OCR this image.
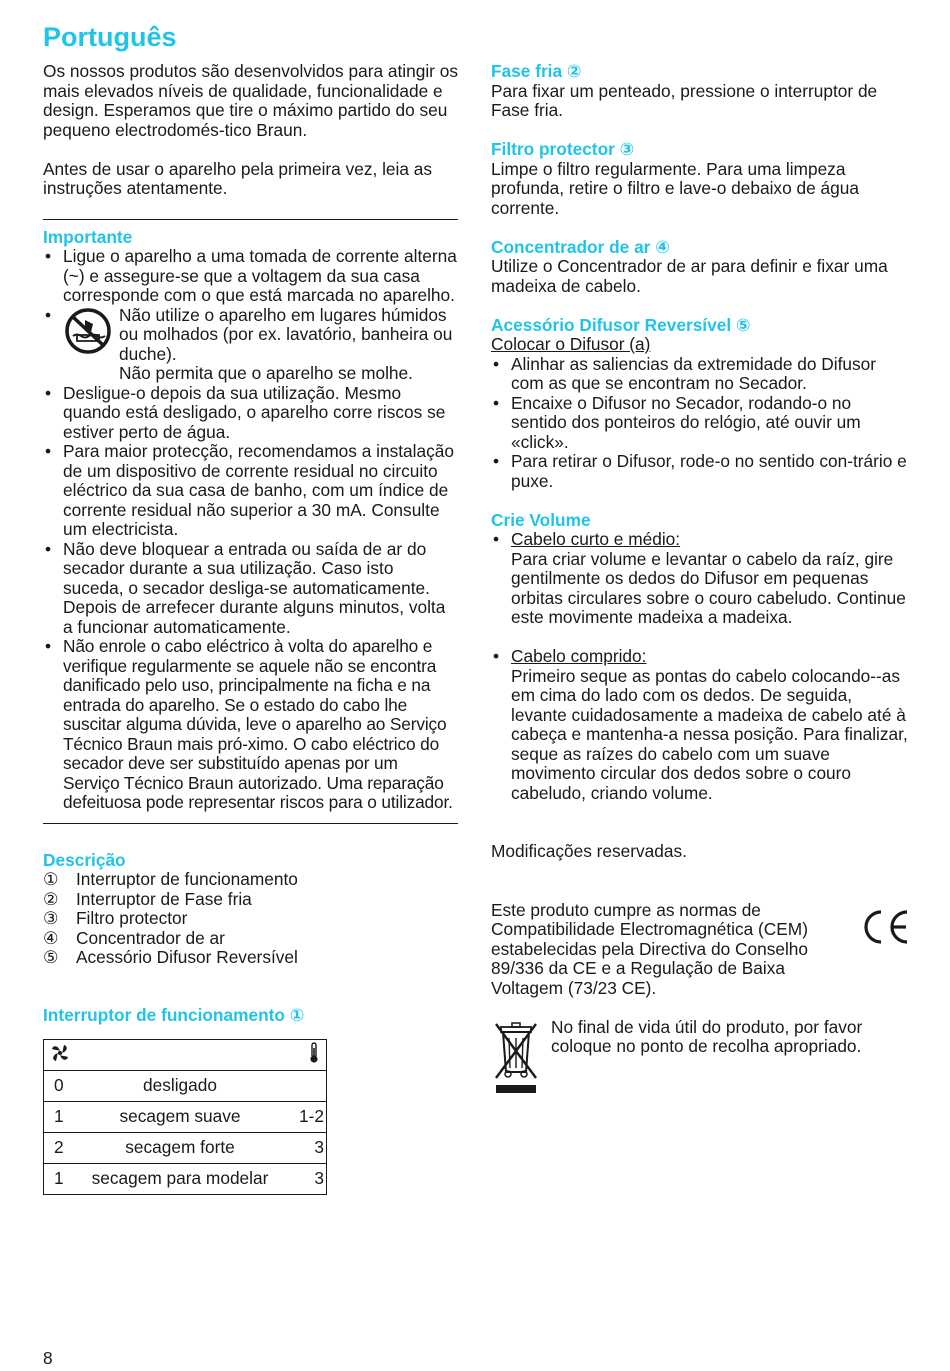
Português

Os nossos produtos são desenvolvidos para atingir os mais elevados níveis de qualidade, funcionalidade e design. Esperamos que tire o máximo partido do seu pequeno electrodomés-tico Braun.

Antes de usar o aparelho pela primeira vez, leia as instruções atentamente.

Importante
• Ligue o aparelho a uma tomada de corrente alterna (~) e assegure-se que a voltagem da sua casa corresponde com o que está marcada no aparelho.
• Não utilize o aparelho em lugares húmidos ou molhados (por ex. lavatório, banheira ou duche).
Não permita que o aparelho se molhe.
• Desligue-o depois da sua utilização. Mesmo quando está desligado, o aparelho corre riscos se estiver perto de água.
• Para maior protecção, recomendamos a instalação de um dispositivo de corrente residual no circuito eléctrico da sua casa de banho, com um índice de corrente residual não superior a 30 mA. Consulte um electricista.
• Não deve bloquear a entrada ou saída de ar do secador durante a sua utilização. Caso isto suceda, o secador desliga-se automaticamente. Depois de arrefecer durante alguns minutos, volta a funcionar automaticamente.
• Não enrole o cabo eléctrico à volta do aparelho e verifique regularmente se aquele não se encontra danificado pelo uso, principalmente na ficha e na entrada do aparelho. Se o estado do cabo lhe suscitar alguma dúvida, leve o aparelho ao Serviço Técnico Braun mais pró-ximo. O cabo eléctrico do secador deve ser substituído apenas por um Serviço Técnico Braun autorizado. Uma reparação defeituosa pode representar riscos para o utilizador.
Descrição
①	Interruptor de funcionamento
②	Interruptor de Fase fria
③	Filtro protector
④	Concentrador de ar
⑤	Acessório Difusor Reversível
Interruptor de funcionamento ①

0	desligado	
1	secagem suave	1-2
2	secagem forte	3
1	secagem para modelar	3
Fase fria ②

Para fixar um penteado, pressione o interruptor de Fase fria.

Filtro protector ③

Limpe o filtro regularmente. Para uma limpeza profunda, retire o filtro e lave-o debaixo de água corrente.

Concentrador de ar ④

Utilize o Concentrador de ar para definir e fixar uma madeixa de cabelo.

Acessório Difusor Reversível ⑤

Colocar o Difusor (a)

• Alinhar as saliencias da extremidade do Difusor com as que se encontram no Secador.
• Encaixe o Difusor no Secador, rodando-o no sentido dos ponteiros do relógio, até ouvir um «click».
• Para retirar o Difusor, rode-o no sentido con-trário e puxe.
Crie Volume
• Cabelo curto e médio:
Para criar volume e levantar o cabelo da raíz, gire gentilmente os dedos do Difusor em pequenas orbitas circulares sobre o couro cabeludo. Continue este movimente madeixa a madeixa.
• Cabelo comprido:
Primeiro seque as pontas do cabelo colocando--as em cima do lado com os dedos. De seguida, levante cuidadosamente a madeixa de cabelo até à cabeça e mantenha-a nessa posição. Para finalizar, seque as raízes do cabelo com um suave movimento circular dos dedos sobre o couro cabeludo, criando volume.

Modificações reservadas.

Este produto cumpre as normas de Compatibilidade Electromagnética (CEM) estabelecidas pela Directiva do Conselho 89/336 da CE e a Regulação de Baixa Voltagem (73/23 CE).

No final de vida útil do produto, por favor coloque no ponto de recolha apropriado.

8
